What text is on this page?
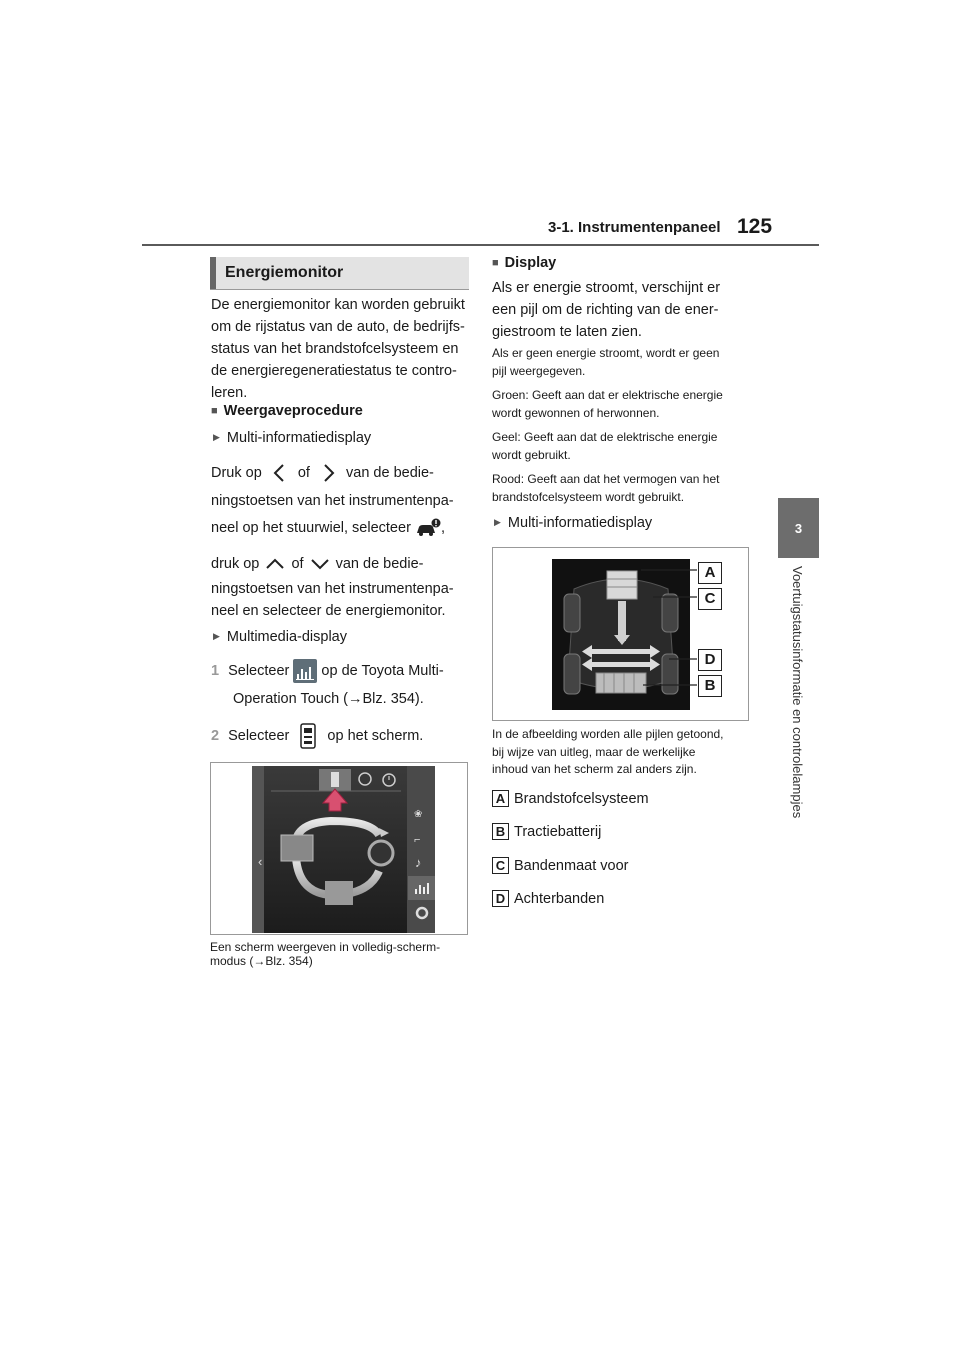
3-1. Instrumentenpaneel 125
3
Voertuigstatusinformatie en controlelampjes
Energiemonitor
De energiemonitor kan worden gebruikt
om de rijstatus van de auto, de bedrijfs-
status van het brandstofcelsysteem en
de energieregeneratiestatus te contro-
leren.
■ Weergaveprocedure
▶ Multi-informatiedisplay
Druk op of van de bedie-
ningstoetsen van het instrumentenpa-
neel op het stuurwiel, selecteer ,
druk op of van de bedie-
ningstoetsen van het instrumentenpa-
neel en selecteer de energiemonitor.
▶ Multimedia-display
1 Selecteer op de Toyota Multi-
Operation Touch (→Blz. 354).
2 Selecteer	op het scherm.
‹
❀
⌐
♪
Een scherm weergeven in volledig-scherm-
modus (→Blz. 354)
■ Display
Als er energie stroomt, verschijnt er
een pijl om de richting van de ener-
giestroom te laten zien.
Als er geen energie stroomt, wordt er geen
pijl weergegeven.
Groen: Geeft aan dat er elektrische energie
wordt gewonnen of herwonnen.
Geel: Geeft aan dat de elektrische energie
wordt gebruikt.
Rood: Geeft aan dat het vermogen van het
brandstofcelsysteem wordt gebruikt.
▶ Multi-informatiedisplay
A
C
D
B
In de afbeelding worden alle pijlen getoond,
bij wijze van uitleg, maar de werkelijke
inhoud van het scherm zal anders zijn.
A Brandstofcelsysteem
B Tractiebatterij
C Bandenmaat voor
D Achterbanden
